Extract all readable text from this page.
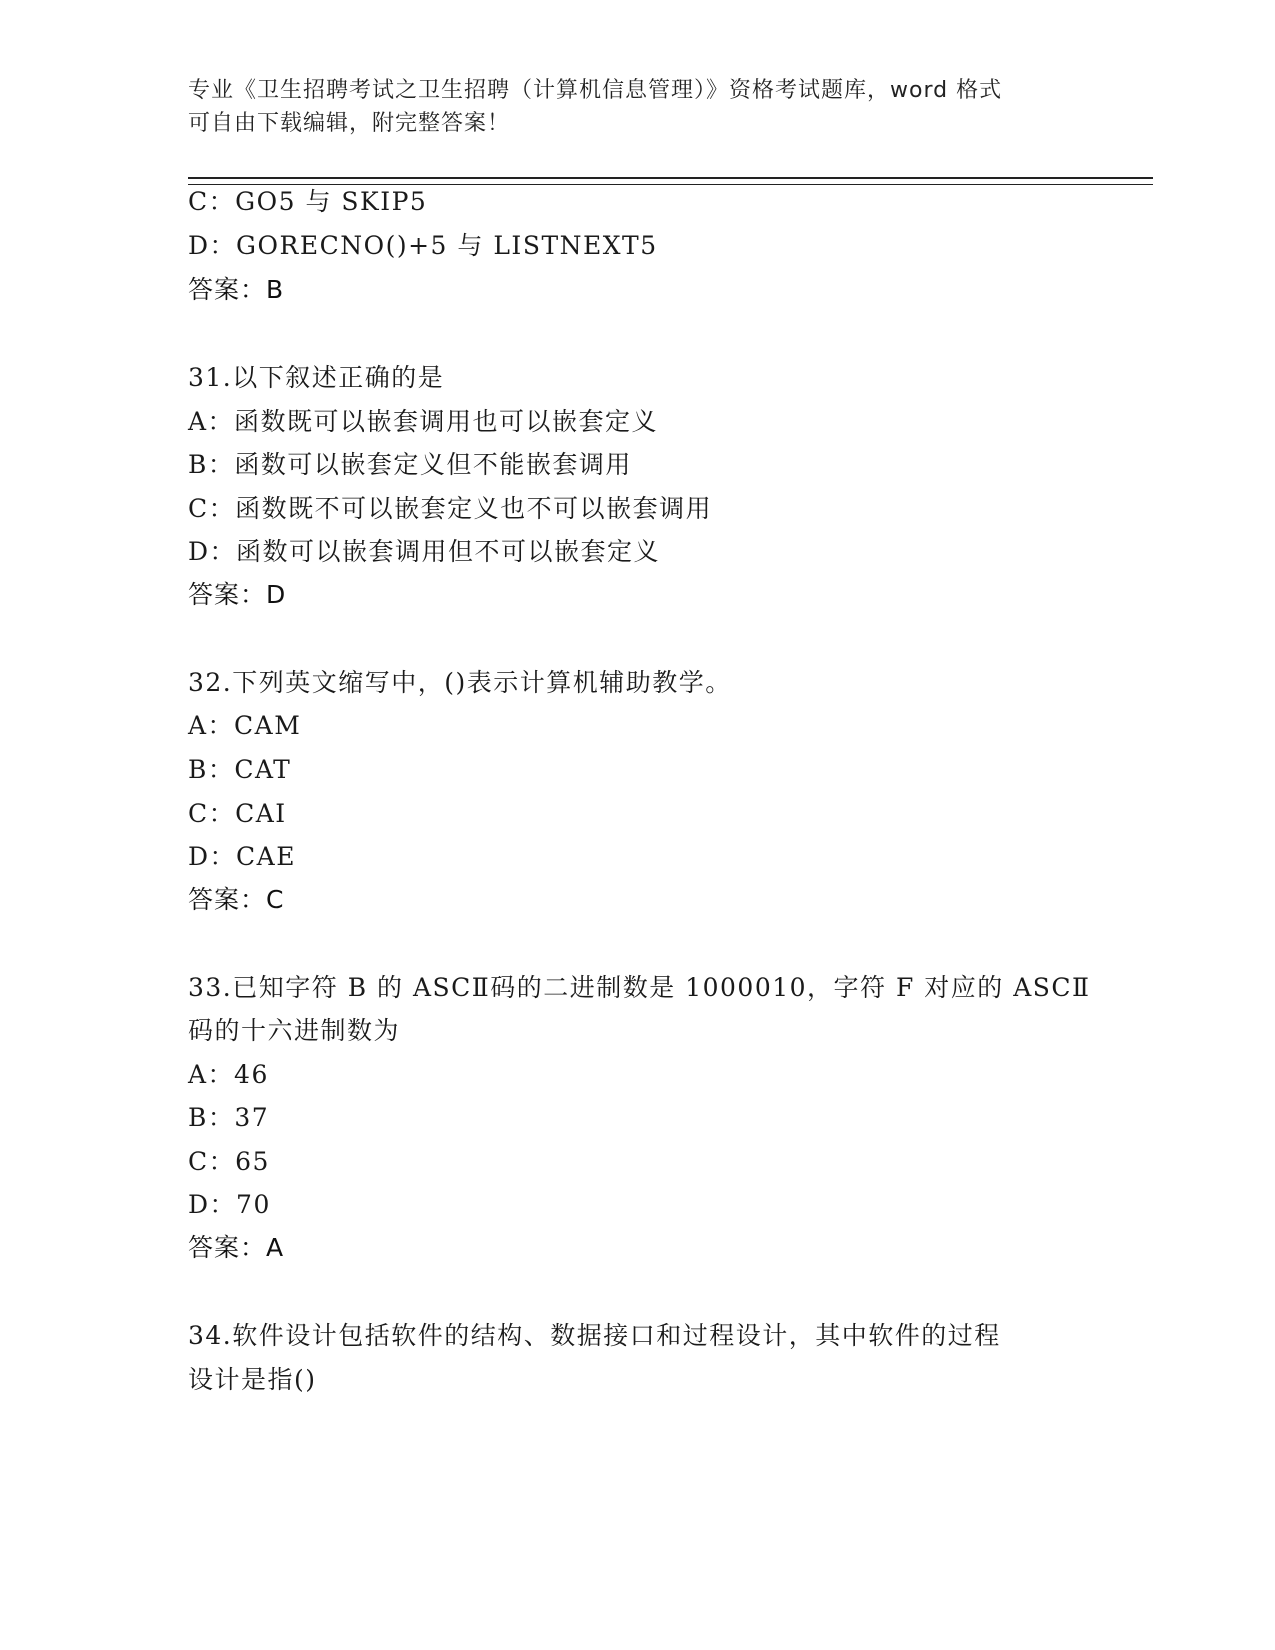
专业《卫生招聘考试之卫生招聘（计算机信息管理）》资格考试题库，word 格式
可自由下载编辑，附完整答案！
C：GO5 与 SKIP5
D：GORECNO()+5 与 LISTNEXT5
答案：B
31.以下叙述正确的是
A：函数既可以嵌套调用也可以嵌套定义
B：函数可以嵌套定义但不能嵌套调用
C：函数既不可以嵌套定义也不可以嵌套调用
D：函数可以嵌套调用但不可以嵌套定义
答案：D
32.下列英文缩写中，()表示计算机辅助教学。
A：CAM
B：CAT
C：CAI
D：CAE
答案：C
33.已知字符 B 的 ASCⅡ码的二进制数是 1000010，字符 F 对应的 ASCⅡ
码的十六进制数为
A：46
B：37
C：65
D：70
答案：A
34.软件设计包括软件的结构、数据接口和过程设计，其中软件的过程
设计是指()
